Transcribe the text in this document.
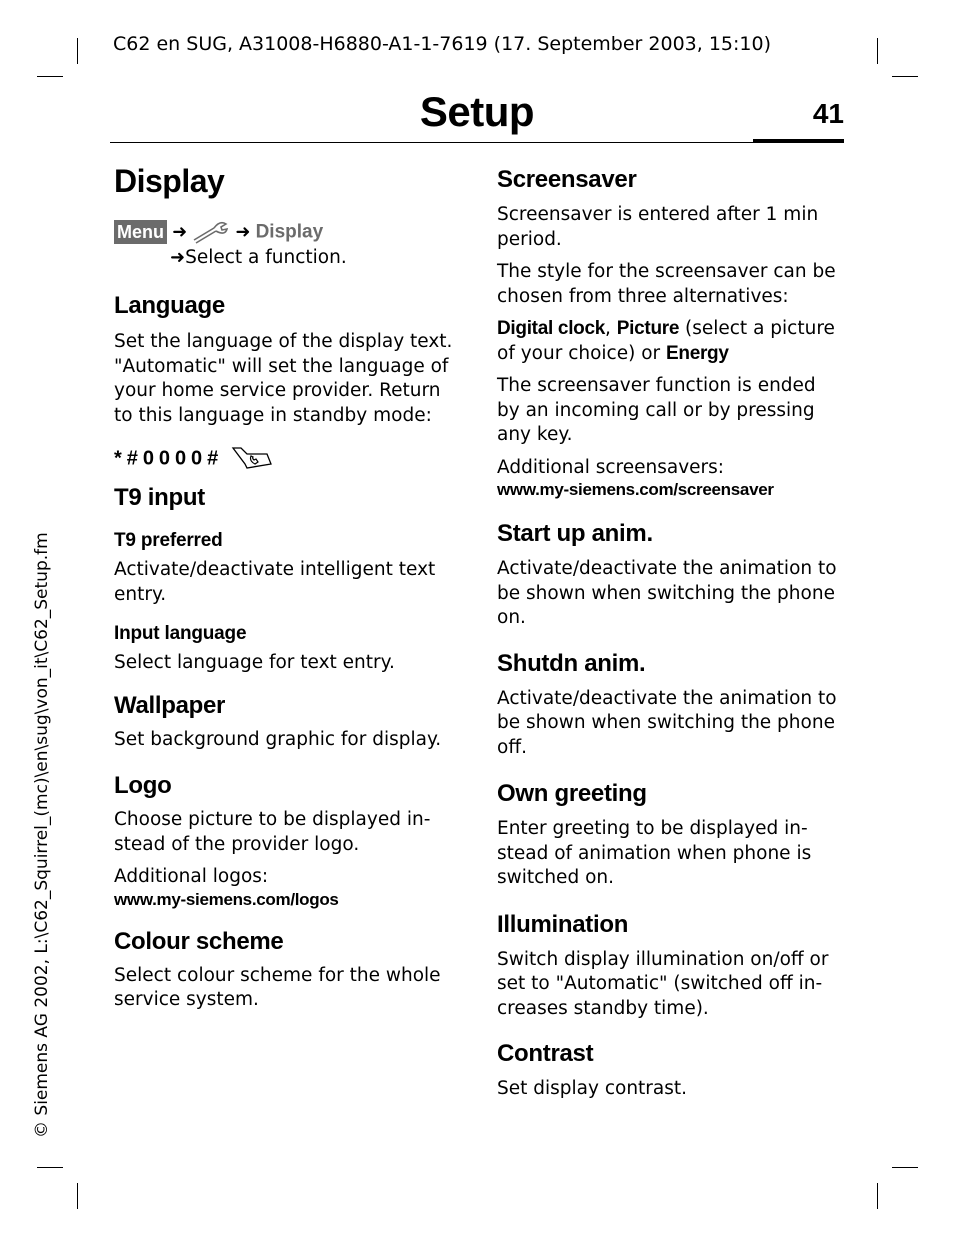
C62 en SUG, A31008-H6880-A1-1-7619 (17. September 2003, 15:10)
Setup	41
© Siemens AG 2002, L:\C62_Squirrel_(mc)\en\sug\von_it\C62_Setup.fm
Display
Menu ➜	➜ Display
➜Select a function.
Language
Set the language of the display text. "Automatic" will set the language of your home service provider. Return to this language in standby mode:
* # 0 0 0 0 #
T9 input
T9 preferred
Activate/deactivate intelligent text entry.
Input language
Select language for text entry.
Wallpaper
Set background graphic for display.
Logo
Choose picture to be displayed in-stead of the provider logo.
Additional logos:
www.my-siemens.com/logos
Colour scheme
Select colour scheme for the whole service system.
Screensaver
Screensaver is entered after 1 min period.
The style for the screensaver can be chosen from three alternatives:
Digital clock, Picture (select a picture of your choice) or Energy
The screensaver function is ended by an incoming call or by pressing any key.
Additional screensavers:
www.my-siemens.com/screensaver
Start up anim.
Activate/deactivate the animation to be shown when switching the phone on.
Shutdn anim.
Activate/deactivate the animation to be shown when switching the phone off.
Own greeting
Enter greeting to be displayed in-stead of animation when phone is switched on.
Illumination
Switch display illumination on/off or set to "Automatic" (switched off in-creases standby time).
Contrast
Set display contrast.
